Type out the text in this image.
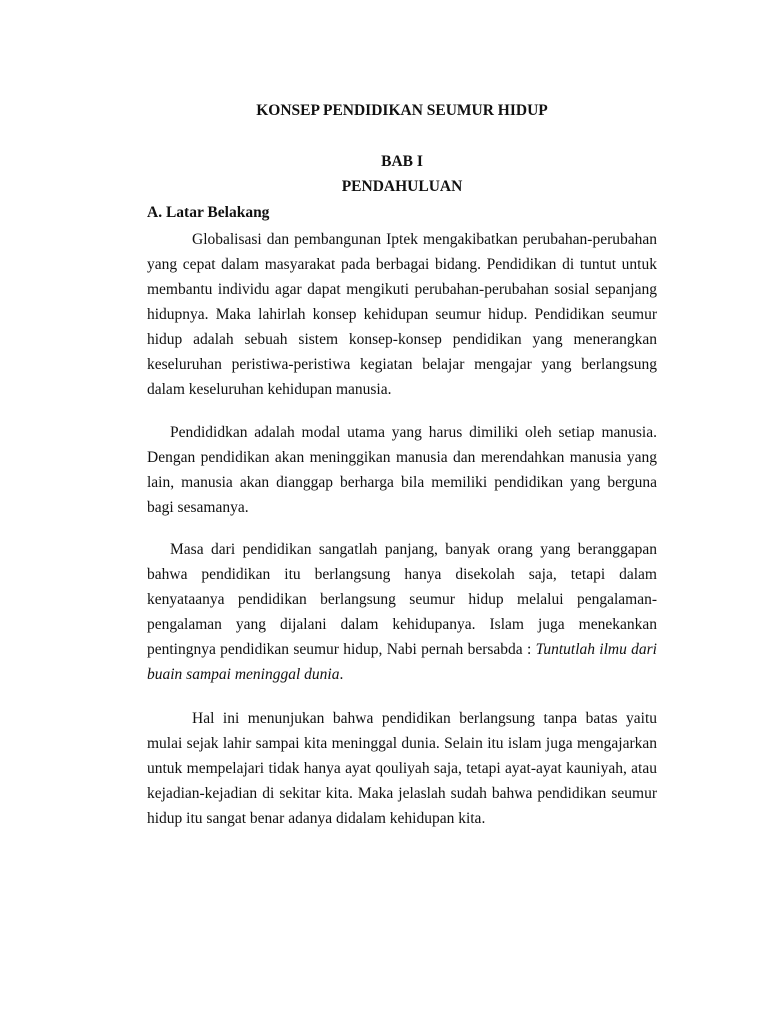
KONSEP PENDIDIKAN SEUMUR HIDUP
BAB I
PENDAHULUAN
A. Latar Belakang

Globalisasi dan pembangunan Iptek mengakibatkan perubahan-perubahan yang cepat dalam masyarakat pada berbagai bidang. Pendidikan di tuntut untuk membantu individu agar dapat mengikuti perubahan-perubahan sosial sepanjang hidupnya. Maka lahirlah konsep kehidupan seumur hidup. Pendidikan seumur hidup adalah sebuah sistem konsep-konsep pendidikan yang menerangkan keseluruhan peristiwa-peristiwa kegiatan belajar mengajar yang berlangsung dalam keseluruhan kehidupan manusia.

Pendididkan adalah modal utama yang harus dimiliki oleh setiap manusia. Dengan pendidikan akan meninggikan manusia dan merendahkan manusia yang lain, manusia akan dianggap berharga bila memiliki pendidikan yang berguna bagi sesamanya.

Masa dari pendidikan sangatlah panjang, banyak orang yang beranggapan bahwa pendidikan itu berlangsung hanya disekolah saja, tetapi dalam kenyataanya pendidikan berlangsung seumur hidup melalui pengalaman-pengalaman yang dijalani dalam kehidupanya. Islam juga menekankan pentingnya pendidikan seumur hidup, Nabi pernah bersabda : Tuntutlah ilmu dari buain sampai meninggal dunia.

Hal ini menunjukan bahwa pendidikan berlangsung tanpa batas yaitu mulai sejak lahir sampai kita meninggal dunia. Selain itu islam juga mengajarkan untuk mempelajari tidak hanya ayat qouliyah saja, tetapi ayat-ayat kauniyah, atau kejadian-kejadian di sekitar kita. Maka jelaslah sudah bahwa pendidikan seumur hidup itu sangat benar adanya didalam kehidupan kita.
